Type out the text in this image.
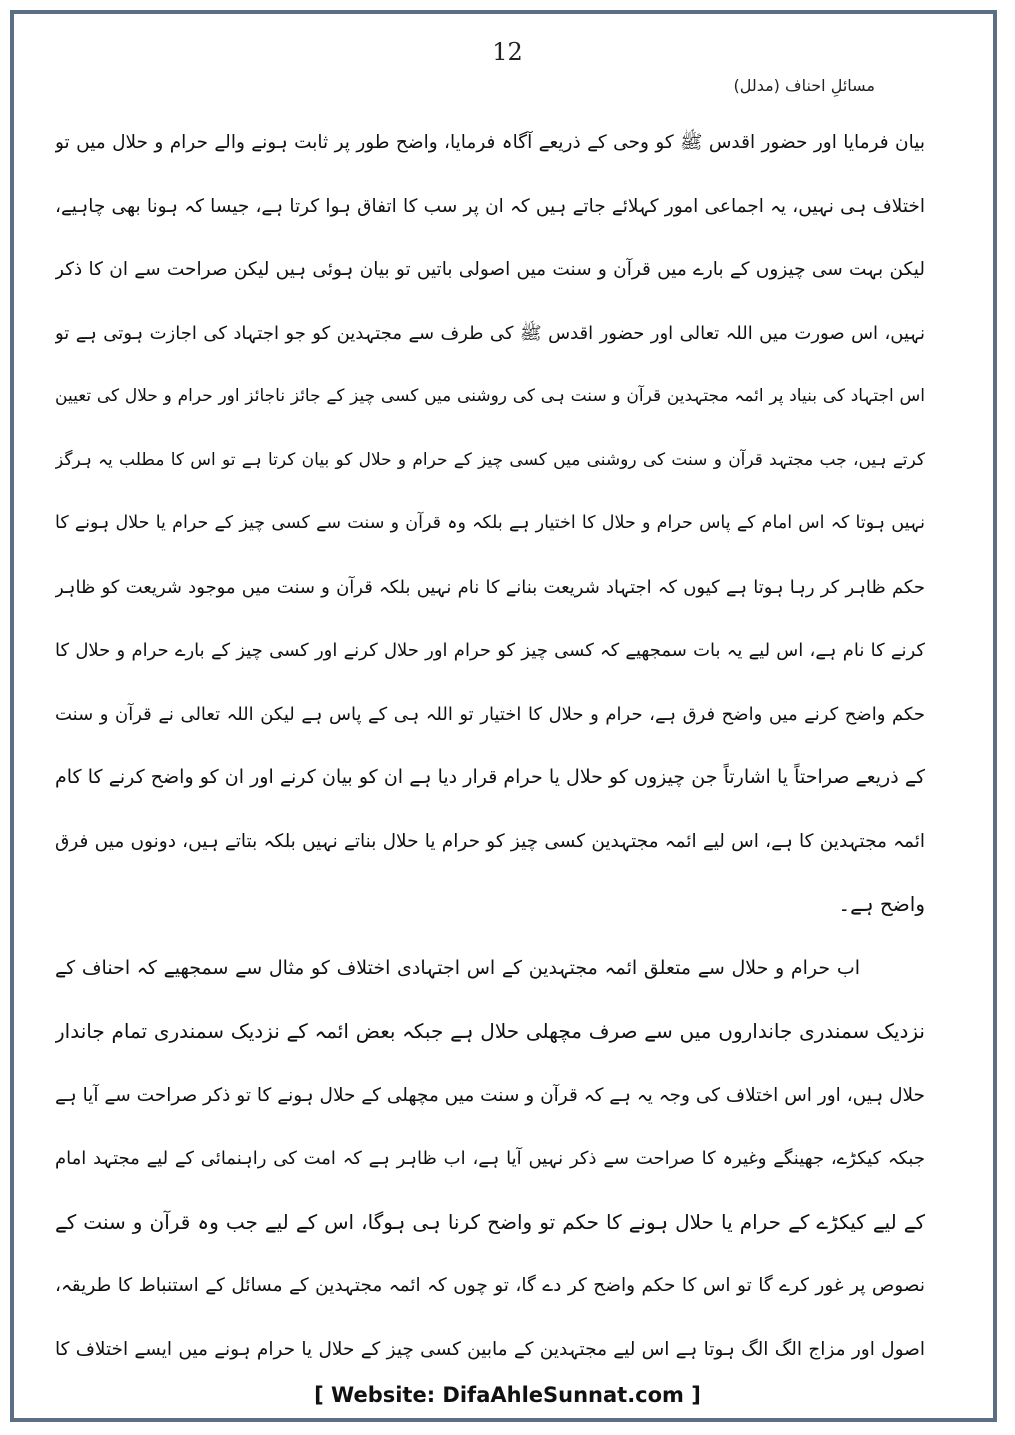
12
مسائلِ احناف (مدلل)
بیان فرمایا اور حضور اقدس ﷺ کو وحی کے ذریعے آگاہ فرمایا، واضح طور پر ثابت ہونے والے حرام و حلال میں تو
اختلاف ہی نہیں، یہ اجماعی امور کہلائے جاتے ہیں کہ ان پر سب کا اتفاق ہوا کرتا ہے، جیسا کہ ہونا بھی چاہیے،
لیکن بہت سی چیزوں کے بارے میں قرآن و سنت میں اصولی باتیں تو بیان ہوئی ہیں لیکن صراحت سے ان کا ذکر
نہیں، اس صورت میں اللہ تعالی اور حضور اقدس ﷺ کی طرف سے مجتہدین کو جو اجتہاد کی اجازت ہوتی ہے تو
اس اجتہاد کی بنیاد پر ائمہ مجتہدین قرآن و سنت ہی کی روشنی میں کسی چیز کے جائز ناجائز اور حرام و حلال کی تعیین
کرتے ہیں، جب مجتہد قرآن و سنت کی روشنی میں کسی چیز کے حرام و حلال کو بیان کرتا ہے تو اس کا مطلب یہ ہرگز
نہیں ہوتا کہ اس امام کے پاس حرام و حلال کا اختیار ہے بلکہ وہ قرآن و سنت سے کسی چیز کے حرام یا حلال ہونے کا
حکم ظاہر کر رہا ہوتا ہے کیوں کہ اجتہاد شریعت بنانے کا نام نہیں بلکہ قرآن و سنت میں موجود شریعت کو ظاہر
کرنے کا نام ہے، اس لیے یہ بات سمجھیے کہ کسی چیز کو حرام اور حلال کرنے اور کسی چیز کے بارے حرام و حلال کا
حکم واضح کرنے میں واضح فرق ہے، حرام و حلال کا اختیار تو اللہ ہی کے پاس ہے لیکن اللہ تعالی نے قرآن و سنت
کے ذریعے صراحتاً یا اشارتاً جن چیزوں کو حلال یا حرام قرار دیا ہے ان کو بیان کرنے اور ان کو واضح کرنے کا کام
ائمہ مجتہدین کا ہے، اس لیے ائمہ مجتہدین کسی چیز کو حرام یا حلال بناتے نہیں بلکہ بتاتے ہیں، دونوں میں فرق
واضح ہے۔
اب حرام و حلال سے متعلق ائمہ مجتہدین کے اس اجتہادی اختلاف کو مثال سے سمجھیے کہ احناف کے
نزدیک سمندری جانداروں میں سے صرف مچھلی حلال ہے جبکہ بعض ائمہ کے نزدیک سمندری تمام جاندار
حلال ہیں، اور اس اختلاف کی وجہ یہ ہے کہ قرآن و سنت میں مچھلی کے حلال ہونے کا تو ذکر صراحت سے آیا ہے
جبکہ کیکڑے، جھینگے وغیرہ کا صراحت سے ذکر نہیں آیا ہے، اب ظاہر ہے کہ امت کی راہنمائی کے لیے مجتہد امام
کے لیے کیکڑے کے حرام یا حلال ہونے کا حکم تو واضح کرنا ہی ہوگا، اس کے لیے جب وہ قرآن و سنت کے
نصوص پر غور کرے گا تو اس کا حکم واضح کر دے گا، تو چوں کہ ائمہ مجتہدین کے مسائل کے استنباط کا طریقہ،
اصول اور مزاج الگ الگ ہوتا ہے اس لیے مجتہدین کے مابین کسی چیز کے حلال یا حرام ہونے میں ایسے اختلاف کا
[ Website: DifaAhleSunnat.com ]
